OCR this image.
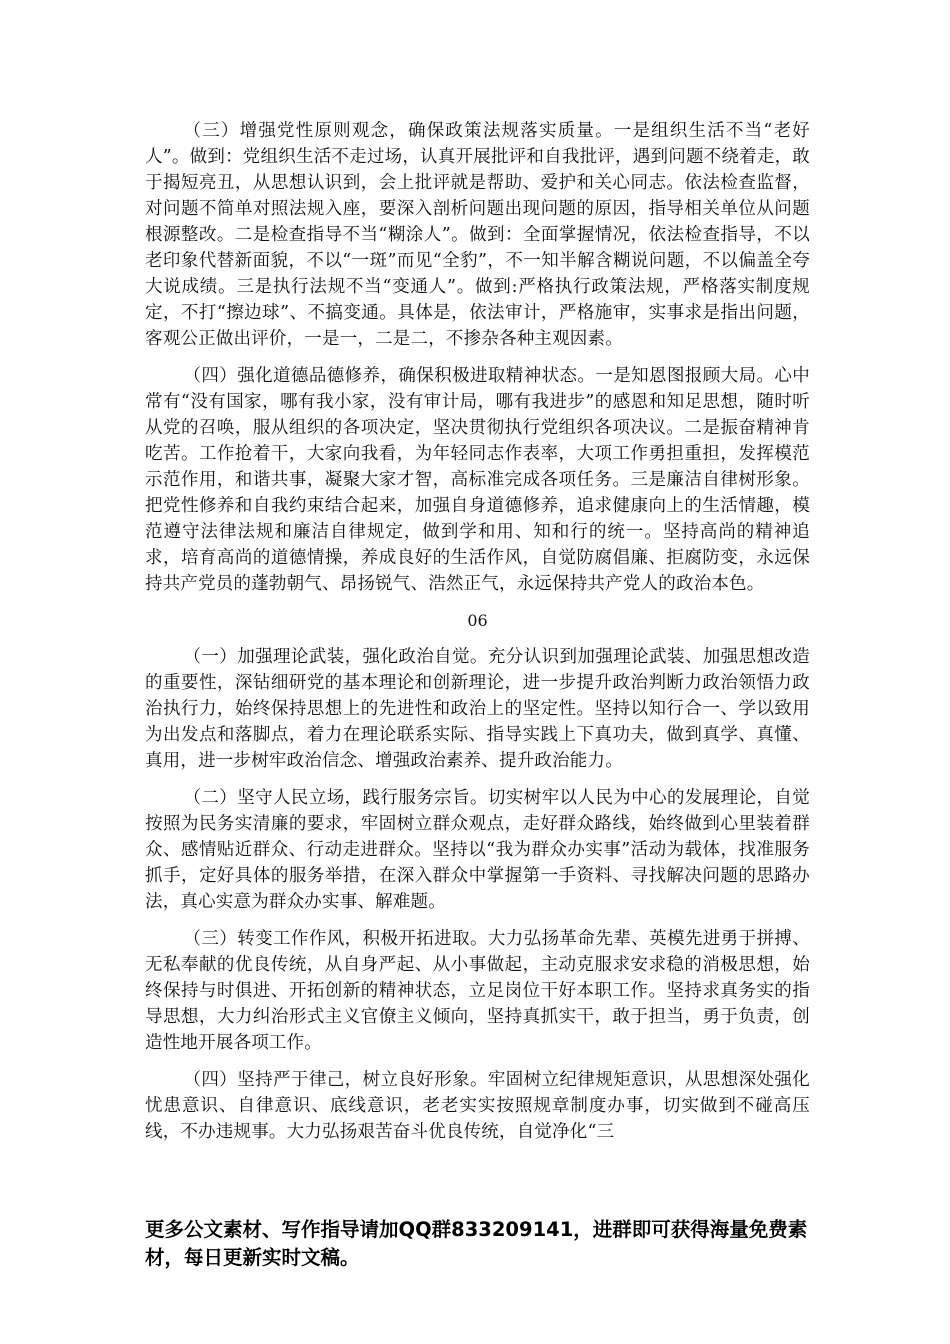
（三）增强党性原则观念，确保政策法规落实质量。一是组织生活不当“老好人”。做到：党组织生活不走过场，认真开展批评和自我批评，遇到问题不绕着走，敢于揭短亮丑，从思想认识到，会上批评就是帮助、爱护和关心同志。依法检查监督，对问题不简单对照法规入座，要深入剖析问题出现问题的原因，指导相关单位从问题根源整改。二是检查指导不当“糊涂人”。做到：全面掌握情况，依法检查指导，不以老印象代替新面貌，不以“一斑”而见“全豹”，不一知半解含糊说问题，不以偏盖全夸大说成绩。三是执行法规不当“变通人”。做到:严格执行政策法规，严格落实制度规定，不打“擦边球”、不搞变通。具体是，依法审计，严格施审，实事求是指出问题，客观公正做出评价，一是一，二是二，不掺杂各种主观因素。

（四）强化道德品德修养，确保积极进取精神状态。一是知恩图报顾大局。心中常有“没有国家，哪有我小家，没有审计局，哪有我进步”的感恩和知足思想，随时听从党的召唤，服从组织的各项决定，坚决贯彻执行党组织各项决议。二是振奋精神肯吃苦。工作抢着干，大家向我看，为年轻同志作表率，大项工作勇担重担，发挥模范示范作用，和谐共事，凝聚大家才智，高标准完成各项任务。三是廉洁自律树形象。把党性修养和自我约束结合起来，加强自身道德修养，追求健康向上的生活情趣，模范遵守法律法规和廉洁自律规定，做到学和用、知和行的统一。坚持高尚的精神追求，培育高尚的道德情操，养成良好的生活作风，自觉防腐倡廉、拒腐防变，永远保持共产党员的蓬勃朝气、昂扬锐气、浩然正气，永远保持共产党人的政治本色。

06

（一）加强理论武装，强化政治自觉。充分认识到加强理论武装、加强思想改造的重要性，深钻细研党的基本理论和创新理论，进一步提升政治判断力政治领悟力政治执行力，始终保持思想上的先进性和政治上的坚定性。坚持以知行合一、学以致用为出发点和落脚点，着力在理论联系实际、指导实践上下真功夫，做到真学、真懂、真用，进一步树牢政治信念、增强政治素养、提升政治能力。

（二）坚守人民立场，践行服务宗旨。切实树牢以人民为中心的发展理论，自觉按照为民务实清廉的要求，牢固树立群众观点，走好群众路线，始终做到心里装着群众、感情贴近群众、行动走进群众。坚持以“我为群众办实事”活动为载体，找准服务抓手，定好具体的服务举措，在深入群众中掌握第一手资料、寻找解决问题的思路办法，真心实意为群众办实事、解难题。

（三）转变工作作风，积极开拓进取。大力弘扬革命先辈、英模先进勇于拼搏、无私奉献的优良传统，从自身严起、从小事做起，主动克服求安求稳的消极思想，始终保持与时俱进、开拓创新的精神状态，立足岗位干好本职工作。坚持求真务实的指导思想，大力纠治形式主义官僚主义倾向，坚持真抓实干，敢于担当，勇于负责，创造性地开展各项工作。

（四）坚持严于律己，树立良好形象。牢固树立纪律规矩意识，从思想深处强化忧患意识、自律意识、底线意识，老老实实按照规章制度办事，切实做到不碰高压线，不办违规事。大力弘扬艰苦奋斗优良传统，自觉净化“三

更多公文素材、写作指导请加QQ群833209141，进群即可获得海量免费素材，每日更新实时文稿。
